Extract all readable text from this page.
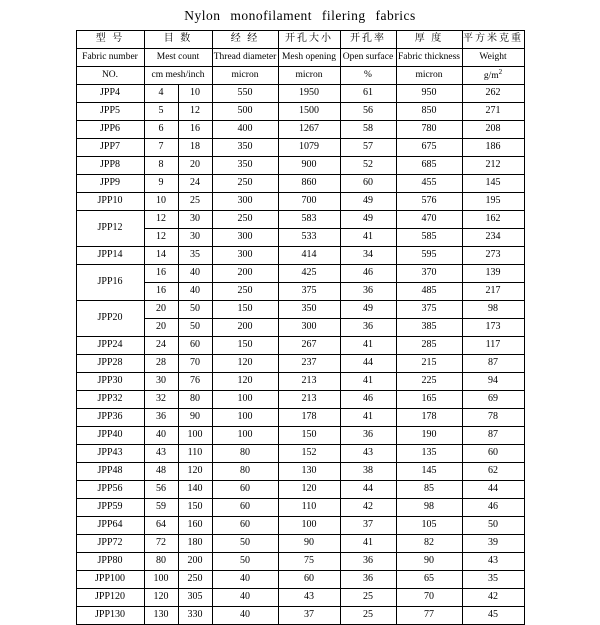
Nylon monofilament filering fabrics
型 号	目 数		经 经	开孔大小	开孔率	厚 度	平方米克重
Fabric number	Mest count		Thread diameter	Mesh opening	Open surface	Fabric thickness	Weight
NO.	cm mesh/inch		micron	micron	%	micron	$g/m^2$
JPP4	4	10	550	1950	61	950	262
JPP5	5	12	500	1500	56	850	271
JPP6	6	16	400	1267	58	780	208
JPP7	7	18	350	1079	57	675	186
JPP8	8	20	350	900	52	685	212
JPP9	9	24	250	860	60	455	145
JPP10	10	25	300	700	49	576	195
JPP12	12	30	250	583	49	470	162
	12	30	300	533	41	585	234
JPP14	14	35	300	414	34	595	273
JPP16	16	40	200	425	46	370	139
	16	40	250	375	36	485	217
JPP20	20	50	150	350	49	375	98
	20	50	200	300	36	385	173
JPP24	24	60	150	267	41	285	117
JPP28	28	70	120	237	44	215	87
JPP30	30	76	120	213	41	225	94
JPP32	32	80	100	213	46	165	69
JPP36	36	90	100	178	41	178	78
JPP40	40	100	100	150	36	190	87
JPP43	43	110	80	152	43	135	60
JPP48	48	120	80	130	38	145	62
JPP56	56	140	60	120	44	85	44
JPP59	59	150	60	110	42	98	46
JPP64	64	160	60	100	37	105	50
JPP72	72	180	50	90	41	82	39
JPP80	80	200	50	75	36	90	43
JPP100	100	250	40	60	36	65	35
JPP120	120	305	40	43	25	70	42
JPP130	130	330	40	37	25	77	45
